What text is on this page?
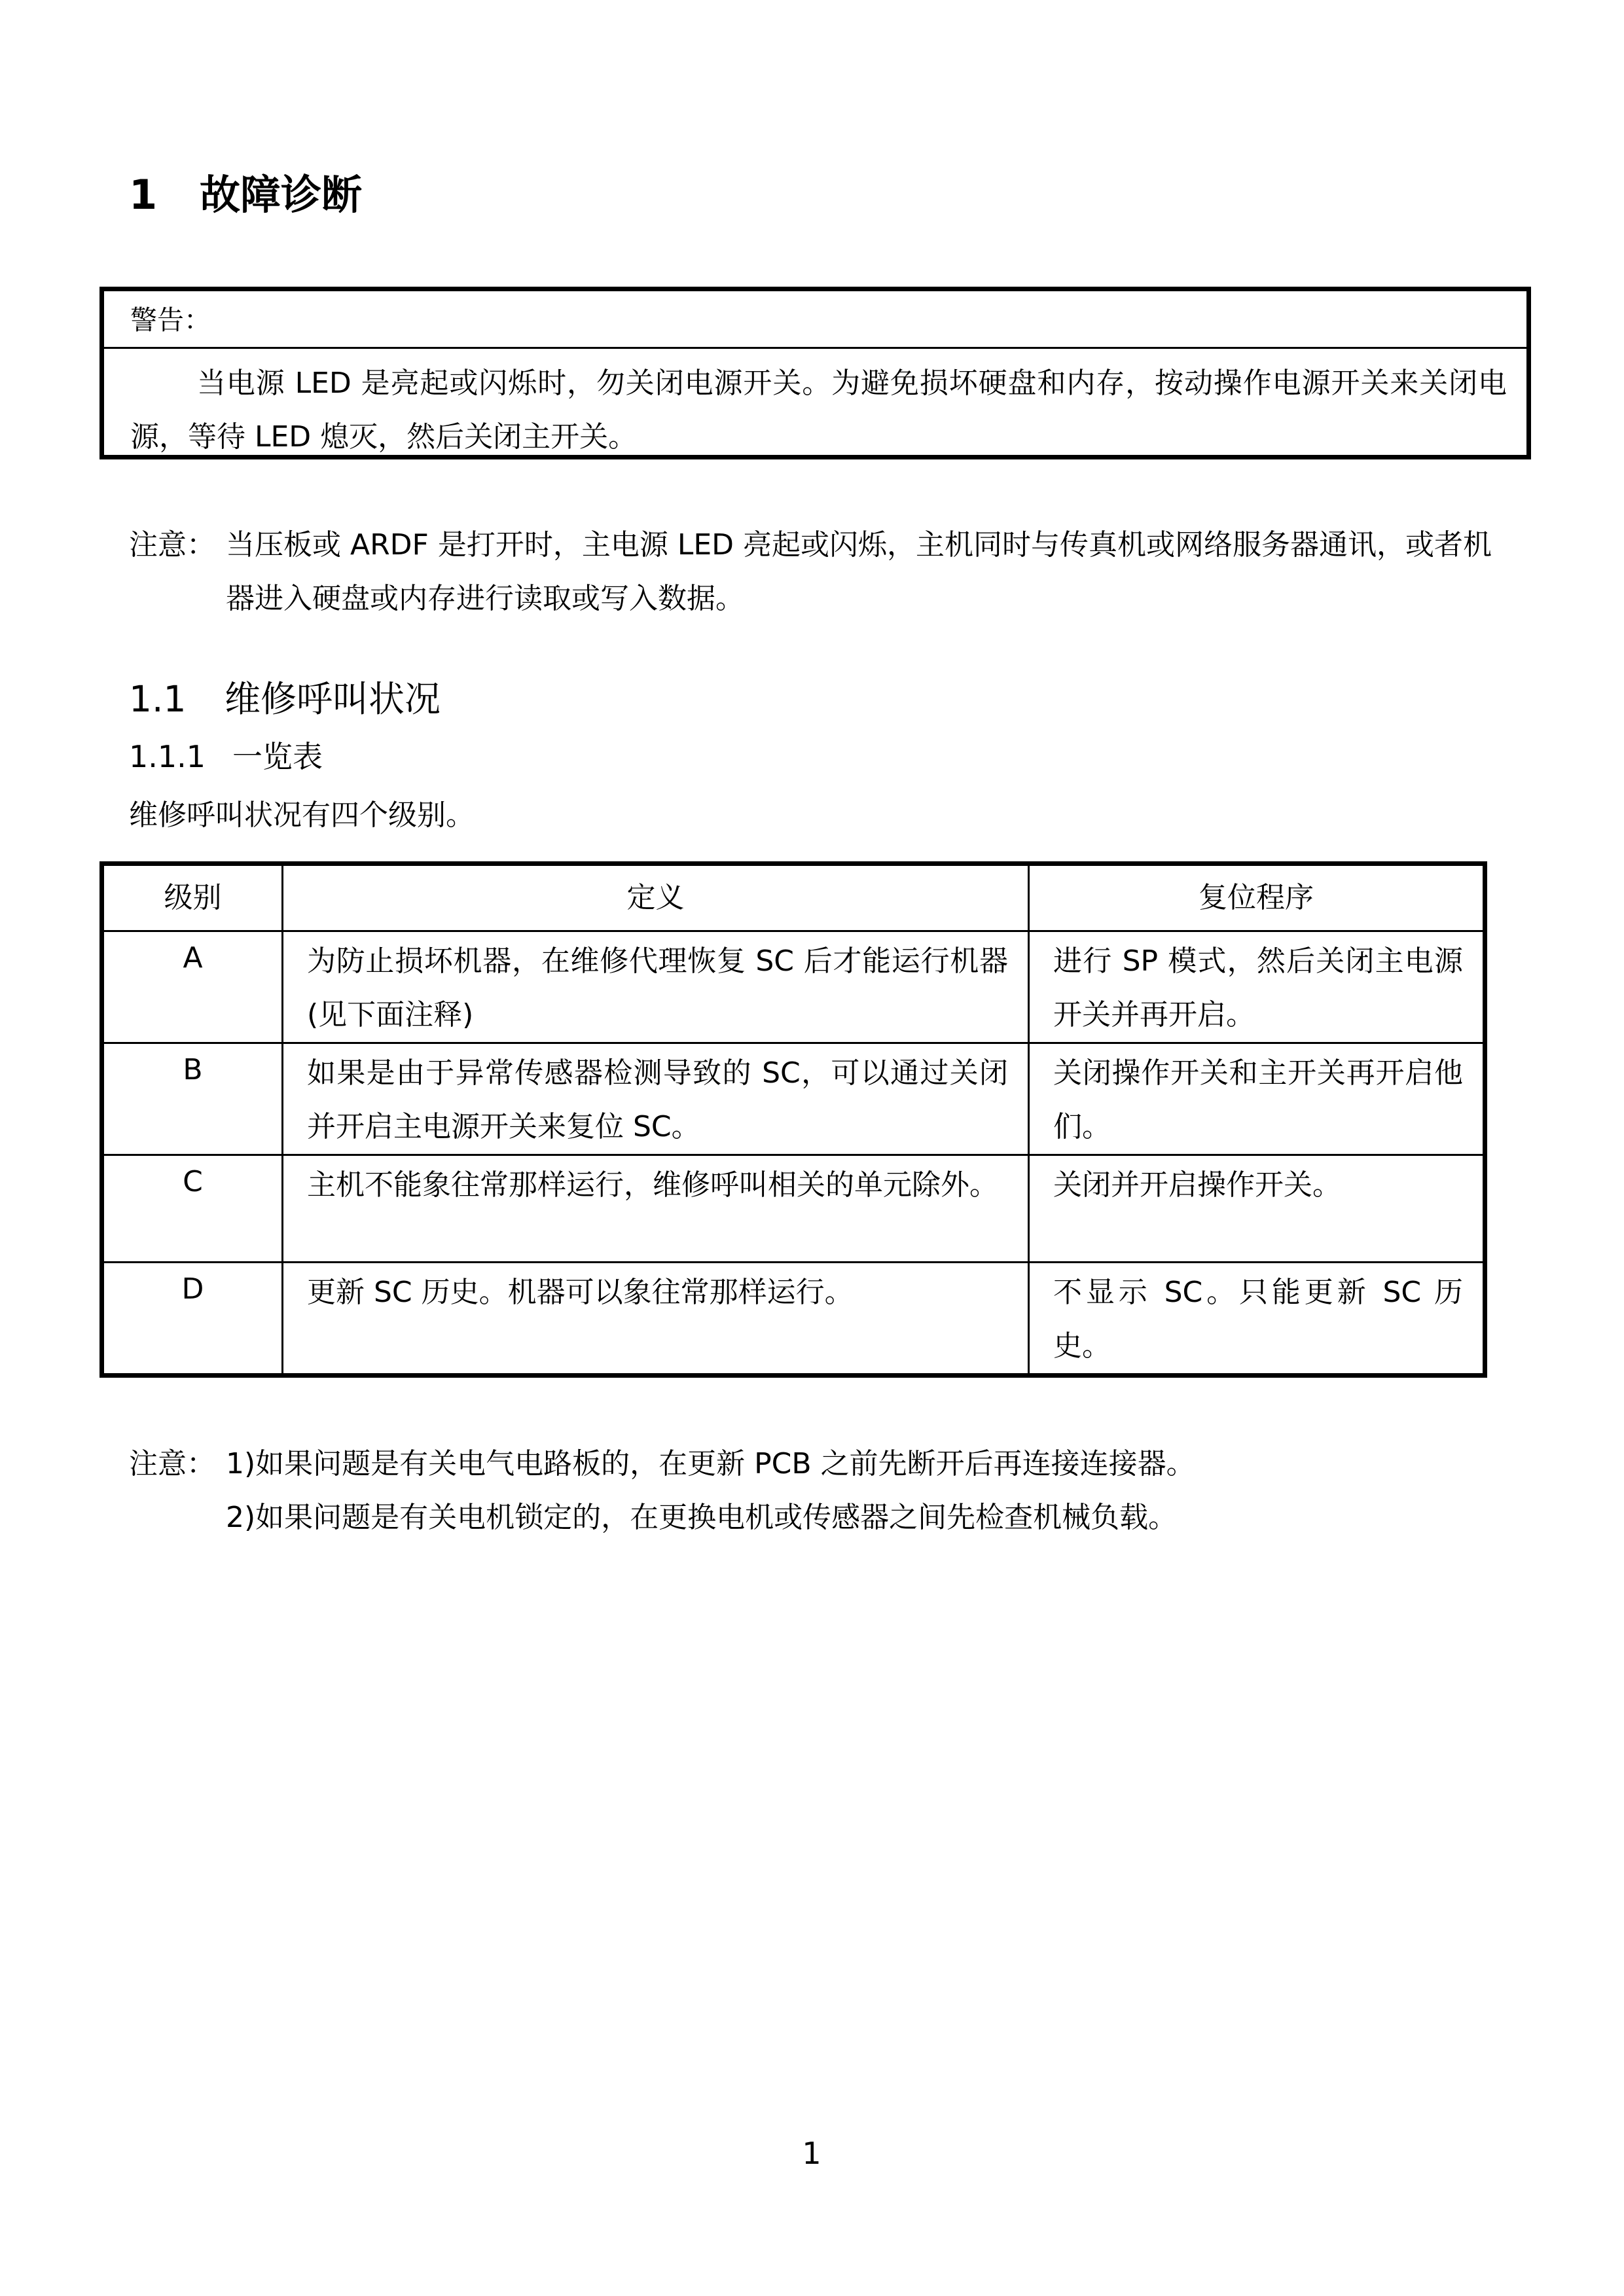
1 故障诊断
警告：
当电源 LED 是亮起或闪烁时，勿关闭电源开关。为避免损坏硬盘和内存，按动操作电源开关来关闭电源，等待 LED 熄灭，然后关闭主开关。
注意： 当压板或 ARDF 是打开时，主电源 LED 亮起或闪烁，主机同时与传真机或网络服务器通讯，或者机器进入硬盘或内存进行读取或写入数据。
1.1 维修呼叫状况
1.1.1 一览表
维修呼叫状况有四个级别。
级别	定义	复位程序
A	为防止损坏机器，在维修代理恢复 SC 后才能运行机器(见下面注释)	进行 SP 模式，然后关闭主电源开关并再开启。
B	如果是由于异常传感器检测导致的 SC，可以通过关闭并开启主电源开关来复位 SC。	关闭操作开关和主开关再开启他们。
C	主机不能象往常那样运行，维修呼叫相关的单元除外。	关闭并开启操作开关。
D	更新 SC 历史。机器可以象往常那样运行。	不显示 SC。只能更新 SC 历史。
注意： 1)如果问题是有关电气电路板的，在更新 PCB 之前先断开后再连接连接器。
2)如果问题是有关电机锁定的，在更换电机或传感器之间先检查机械负载。
1
